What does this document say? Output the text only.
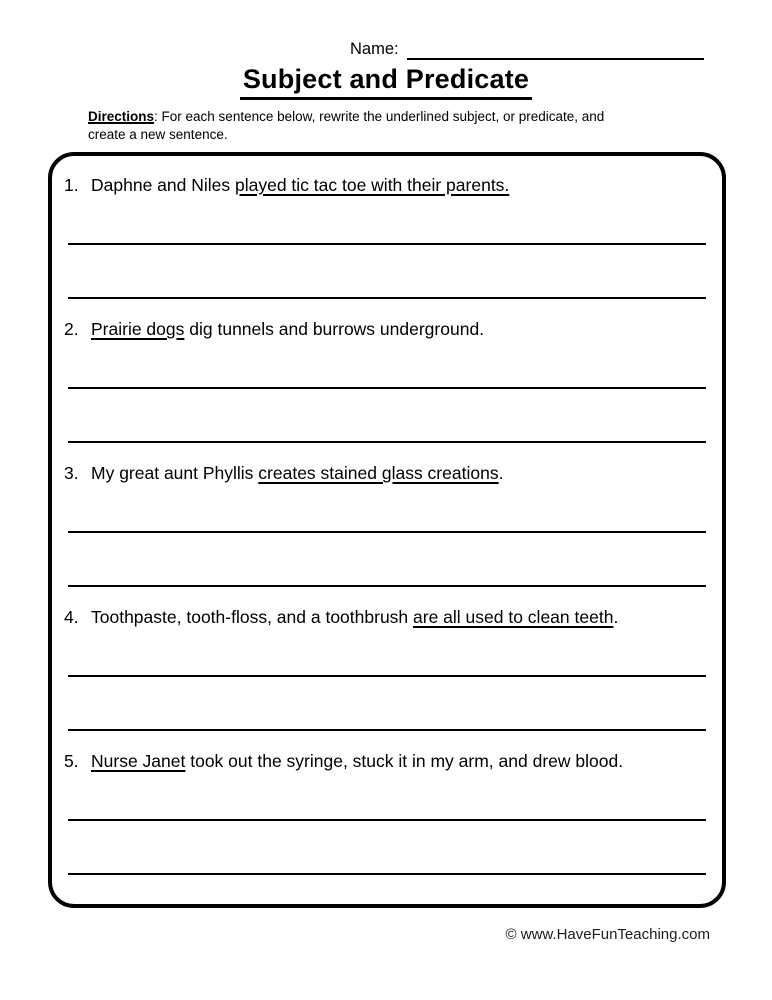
Name:
Subject and Predicate
Directions: For each sentence below, rewrite the underlined subject, or predicate, and
create a new sentence.

1. Daphne and Niles played tic tac toe with their parents.

2. Prairie dogs dig tunnels and burrows underground.

3. My great aunt Phyllis creates stained glass creations.

4. Toothpaste, tooth-floss, and a toothbrush are all used to clean teeth.

5. Nurse Janet took out the syringe, stuck it in my arm, and drew blood.

© www.HaveFunTeaching.com
